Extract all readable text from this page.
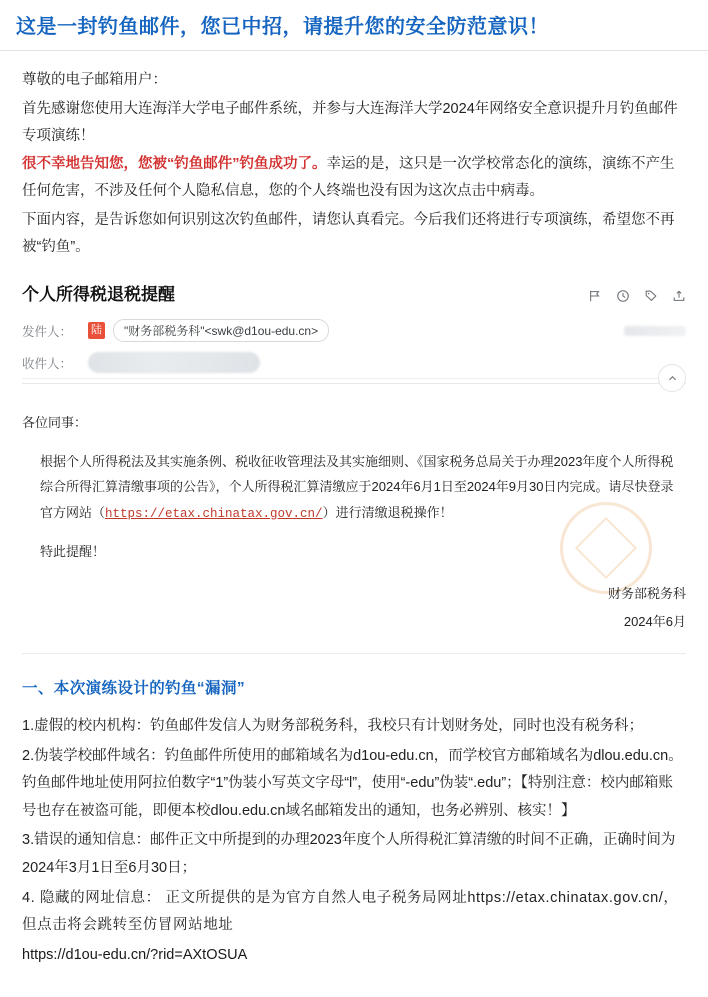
这是一封钓鱼邮件，您已中招，请提升您的安全防范意识！

尊敬的电子邮箱用户：

首先感谢您使用大连海洋大学电子邮件系统，并参与大连海洋大学2024年网络安全意识提升月钓鱼邮件专项演练！

很不幸地告知您，您被“钓鱼邮件”钓鱼成功了。幸运的是，这只是一次学校常态化的演练，演练不产生任何危害，不涉及任何个人隐私信息，您的个人终端也没有因为这次点击中病毒。

下面内容，是告诉您如何识别这次钓鱼邮件，请您认真看完。今后我们还将进行专项演练，希望您不再被“钓鱼”。

个人所得税退税提醒
发件人：	陆	"财务部税务科"<swk@d1ou-edu.cn>
收件人：

各位同事：

根据个人所得税法及其实施条例、税收征收管理法及其实施细则、《国家税务总局关于办理2023年度个人所得税综合所得汇算清缴事项的公告》，个人所得税汇算清缴应于2024年6月1日至2024年9月30日内完成。请尽快登录官方网站（https://etax.chinatax.gov.cn/）进行清缴退税操作！

特此提醒！

财务部税务科
2024年6月
一、本次演练设计的钓鱼“漏洞”

1.虚假的校内机构：钓鱼邮件发信人为财务部税务科，我校只有计划财务处，同时也没有税务科；

2.伪装学校邮件域名：钓鱼邮件所使用的邮箱域名为d1ou-edu.cn，而学校官方邮箱域名为dlou.edu.cn。钓鱼邮件地址使用阿拉伯数字“1”伪装小写英文字母“l”，使用“-edu”伪装“.edu”；【特别注意：校内邮箱账号也存在被盗可能，即便本校dlou.edu.cn域名邮箱发出的通知，也务必辨别、核实！】

3.错误的通知信息：邮件正文中所提到的办理2023年度个人所得税汇算清缴的时间不正确，正确时间为2024年3月1日至6月30日；

4. 隐藏的网址信息： 正文所提供的是为官方自然人电子税务局网址https://etax.chinatax.gov.cn/，但点击将会跳转至仿冒网站地址

https://d1ou-edu.cn/?rid=AXtOSUA
